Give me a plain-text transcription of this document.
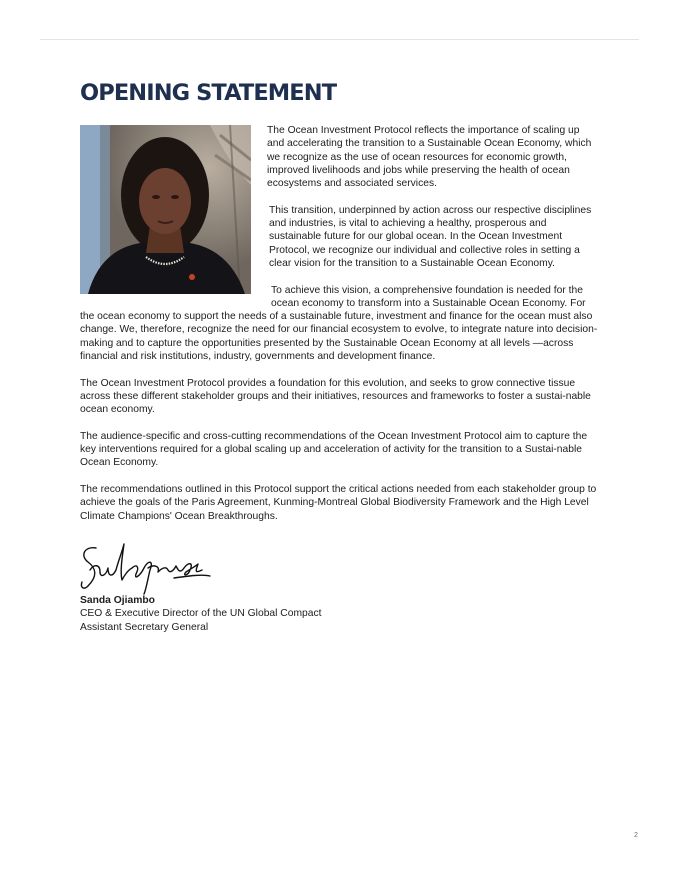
OPENING STATEMENT

The Ocean Investment Protocol reflects the importance of scaling up and accelerating the transition to a Sustainable Ocean Economy, which we recognize as the use of ocean resources for economic growth, improved livelihoods and jobs while preserving the health of ocean ecosystems and associated services.

This transition, underpinned by action across our respective disciplines and industries, is vital to achieving a healthy, prosperous and sustainable future for our global ocean. In the Ocean Investment Protocol, we recognize our individual and collective roles in setting a clear vision for the transition to a Sustainable Ocean Economy.

To achieve this vision, a comprehensive foundation is needed for the ocean economy to transform into a Sustainable Ocean Economy. For

the ocean economy to support the needs of a sustainable future, investment and finance for the ocean must also change. We, therefore, recognize the need for our financial ecosystem to evolve, to integrate nature into decision-making and to capture the opportunities presented by the Sustainable Ocean Economy at all levels —across financial and risk institutions, industry, governments and development finance.

The Ocean Investment Protocol provides a foundation for this evolution, and seeks to grow connective tissue across these different stakeholder groups and their initiatives, resources and frameworks to foster a sustai-nable ocean economy.

The audience-specific and cross-cutting recommendations of the Ocean Investment Protocol aim to capture the key interventions required for a global scaling up and acceleration of activity for the transition to a Sustai-nable Ocean Economy.

The recommendations outlined in this Protocol support the critical actions needed from each stakeholder group to achieve the goals of the Paris Agreement, Kunming-Montreal Global Biodiversity Framework and the High Level Climate Champions' Ocean Breakthroughs.

Sanda Ojiambo
CEO & Executive Director of the UN Global Compact
Assistant Secretary General
2
